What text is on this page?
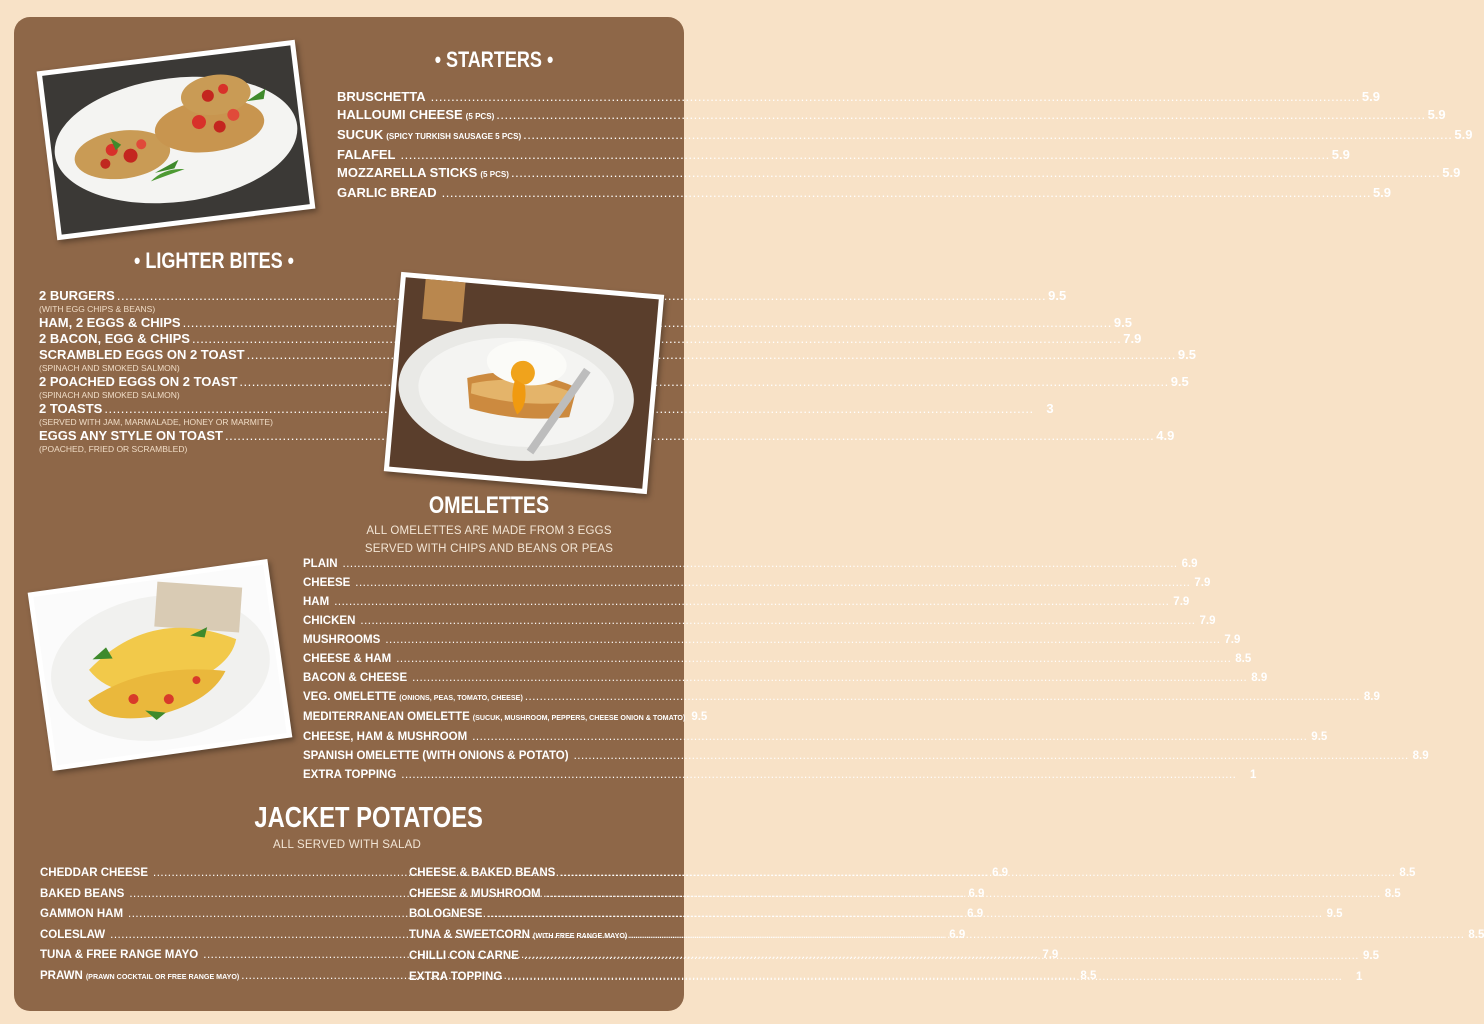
• STARTERS •
BRUSCHETTA .....	5.9
HALLOUMI CHEESE (5 PCS) .....	5.9
SUCUK (SPICY TURKISH SAUSAGE 5 PCS) .....	5.9
FALAFEL .....	5.9
MOZZARELLA STICKS (5 PCS) .....	5.9
GARLIC BREAD .....	5.9
• LIGHTER BITES •
2 BURGERS .....	9.5
(WITH EGG CHIPS & BEANS)
HAM, 2 EGGS & CHIPS .....	9.5
2 BACON, EGG & CHIPS .....	7.9
SCRAMBLED EGGS ON 2 TOAST .....	9.5
(SPINACH AND SMOKED SALMON)
2 POACHED EGGS ON 2 TOAST .....	9.5
(SPINACH AND SMOKED SALMON)
2 TOASTS .....	3
(SERVED WITH JAM, MARMALADE, HONEY OR MARMITE)
EGGS ANY STYLE ON TOAST .....	4.9
(POACHED, FRIED OR SCRAMBLED)
OMELETTES
ALL OMELETTES ARE MADE FROM 3 EGGS
SERVED WITH CHIPS AND BEANS OR PEAS
PLAIN .....	6.9
CHEESE .....	7.9
HAM .....	7.9
CHICKEN .....	7.9
MUSHROOMS .....	7.9
CHEESE & HAM .....	8.5
BACON & CHEESE .....	8.9
VEG. OMELETTE (ONIONS, PEAS, TOMATO, CHEESE) .....	8.9
MEDITERRANEAN OMELETTE (SUCUK, MUSHROOM, PEPPERS, CHEESE ONION & TOMATO) 9.5
CHEESE, HAM & MUSHROOM .....	9.5
SPANISH OMELETTE (WITH ONIONS & POTATO) .....	8.9
EXTRA TOPPING .....	1
JACKET POTATOES
ALL SERVED WITH SALAD
CHEDDAR CHEESE .....	6.9
BAKED BEANS .....	6.9
GAMMON HAM .....	6.9
COLESLAW .....	6.9
TUNA & FREE RANGE MAYO .....	7.9
PRAWN (PRAWN COCKTAIL OR FREE RANGE MAYO) .....	8.5
CHEESE & BAKED BEANS .....	8.5
CHEESE & MUSHROOM .....	8.5
BOLOGNESE .....	9.5
TUNA & SWEETCORN (WITH FREE RANGE MAYO) .....	8.5
CHILLI CON CARNE .....	9.5
EXTRA TOPPING .....	1
